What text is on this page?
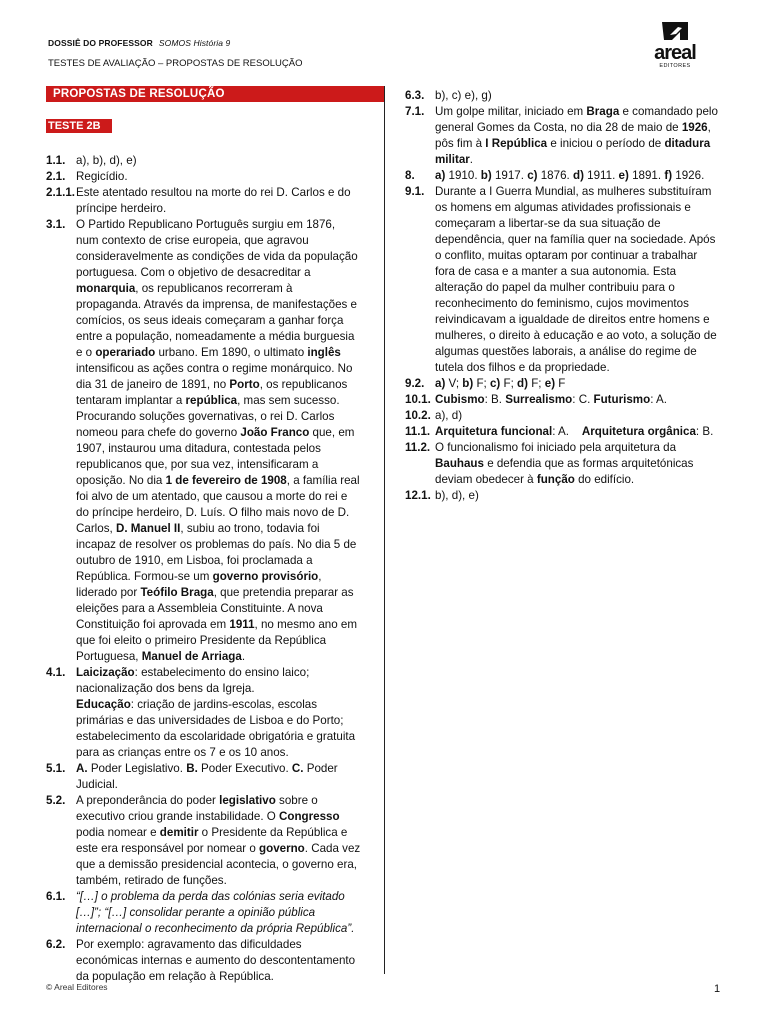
DOSSIÊ DO PROFESSOR SOMOS História 9
TESTES DE AVALIAÇÃO – PROPOSTAS DE RESOLUÇÃO	areal
EDITORES
PROPOSTAS DE RESOLUÇÃO
TESTE 2B
1.1. a), b), d), e)
2.1. Regicídio.
2.1.1. Este atentado resultou na morte do rei D. Carlos e do
príncipe herdeiro.
3.1. O Partido Republicano Português surgiu em 1876,
num contexto de crise europeia, que agravou
consideravelmente as condições de vida da população
portuguesa. Com o objetivo de desacreditar a
monarquia, os republicanos recorreram à
propaganda. Através da imprensa, de manifestações e
comícios, os seus ideais começaram a ganhar força
entre a população, nomeadamente a média burguesia
e o operariado urbano. Em 1890, o ultimato inglês
intensificou as ações contra o regime monárquico. No
dia 31 de janeiro de 1891, no Porto, os republicanos
tentaram implantar a república, mas sem sucesso.
Procurando soluções governativas, o rei D. Carlos
nomeou para chefe do governo João Franco que, em
1907, instaurou uma ditadura, contestada pelos
republicanos que, por sua vez, intensificaram a
oposição. No dia 1 de fevereiro de 1908, a família real
foi alvo de um atentado, que causou a morte do rei e
do príncipe herdeiro, D. Luís. O filho mais novo de D.
Carlos, D. Manuel II, subiu ao trono, todavia foi
incapaz de resolver os problemas do país. No dia 5 de
outubro de 1910, em Lisboa, foi proclamada a
República. Formou-se um governo provisório,
liderado por Teófilo Braga, que pretendia preparar as
eleições para a Assembleia Constituinte. A nova
Constituição foi aprovada em 1911, no mesmo ano em
que foi eleito o primeiro Presidente da República
Portuguesa, Manuel de Arriaga.
4.1. Laicização: estabelecimento do ensino laico;
nacionalização dos bens da Igreja.
Educação: criação de jardins-escolas, escolas
primárias e das universidades de Lisboa e do Porto;
estabelecimento da escolaridade obrigatória e gratuita
para as crianças entre os 7 e os 10 anos.
5.1. A. Poder Legislativo. B. Poder Executivo. C. Poder
Judicial.
5.2. A preponderância do poder legislativo sobre o
executivo criou grande instabilidade. O Congresso
podia nomear e demitir o Presidente da República e
este era responsável por nomear o governo. Cada vez
que a demissão presidencial acontecia, o governo era,
também, retirado de funções.
6.1. “[…] o problema da perda das colónias seria evitado
[…]”; “[…] consolidar perante a opinião pública
internacional o reconhecimento da própria República”.
6.2. Por exemplo: agravamento das dificuldades
económicas internas e aumento do descontentamento
da população em relação à República.
6.3. b), c) e), g)
7.1. Um golpe militar, iniciado em Braga e comandado pelo
general Gomes da Costa, no dia 28 de maio de 1926,
pôs fim à I República e iniciou o período de ditadura
militar.
8.	a) 1910. b) 1917. c) 1876. d) 1911. e) 1891. f) 1926.
9.1. Durante a I Guerra Mundial, as mulheres substituíram
os homens em algumas atividades profissionais e
começaram a libertar-se da sua situação de
dependência, quer na família quer na sociedade. Após
o conflito, muitas optaram por continuar a trabalhar
fora de casa e a manter a sua autonomia. Esta
alteração do papel da mulher contribuiu para o
reconhecimento do feminismo, cujos movimentos
reivindicavam a igualdade de direitos entre homens e
mulheres, o direito à educação e ao voto, a solução de
algumas questões laborais, a análise do regime de
tutela dos filhos e da propriedade.
9.2. a) V; b) F; c) F; d) F; e) F
10.1. Cubismo: B. Surrealismo: C. Futurismo: A.
10.2. a), d)
11.1. Arquitetura funcional: A.    Arquitetura orgânica: B.
11.2. O funcionalismo foi iniciado pela arquitetura da
Bauhaus e defendia que as formas arquitetónicas
deviam obedecer à função do edifício.
12.1. b), d), e)
© Areal Editores	1
